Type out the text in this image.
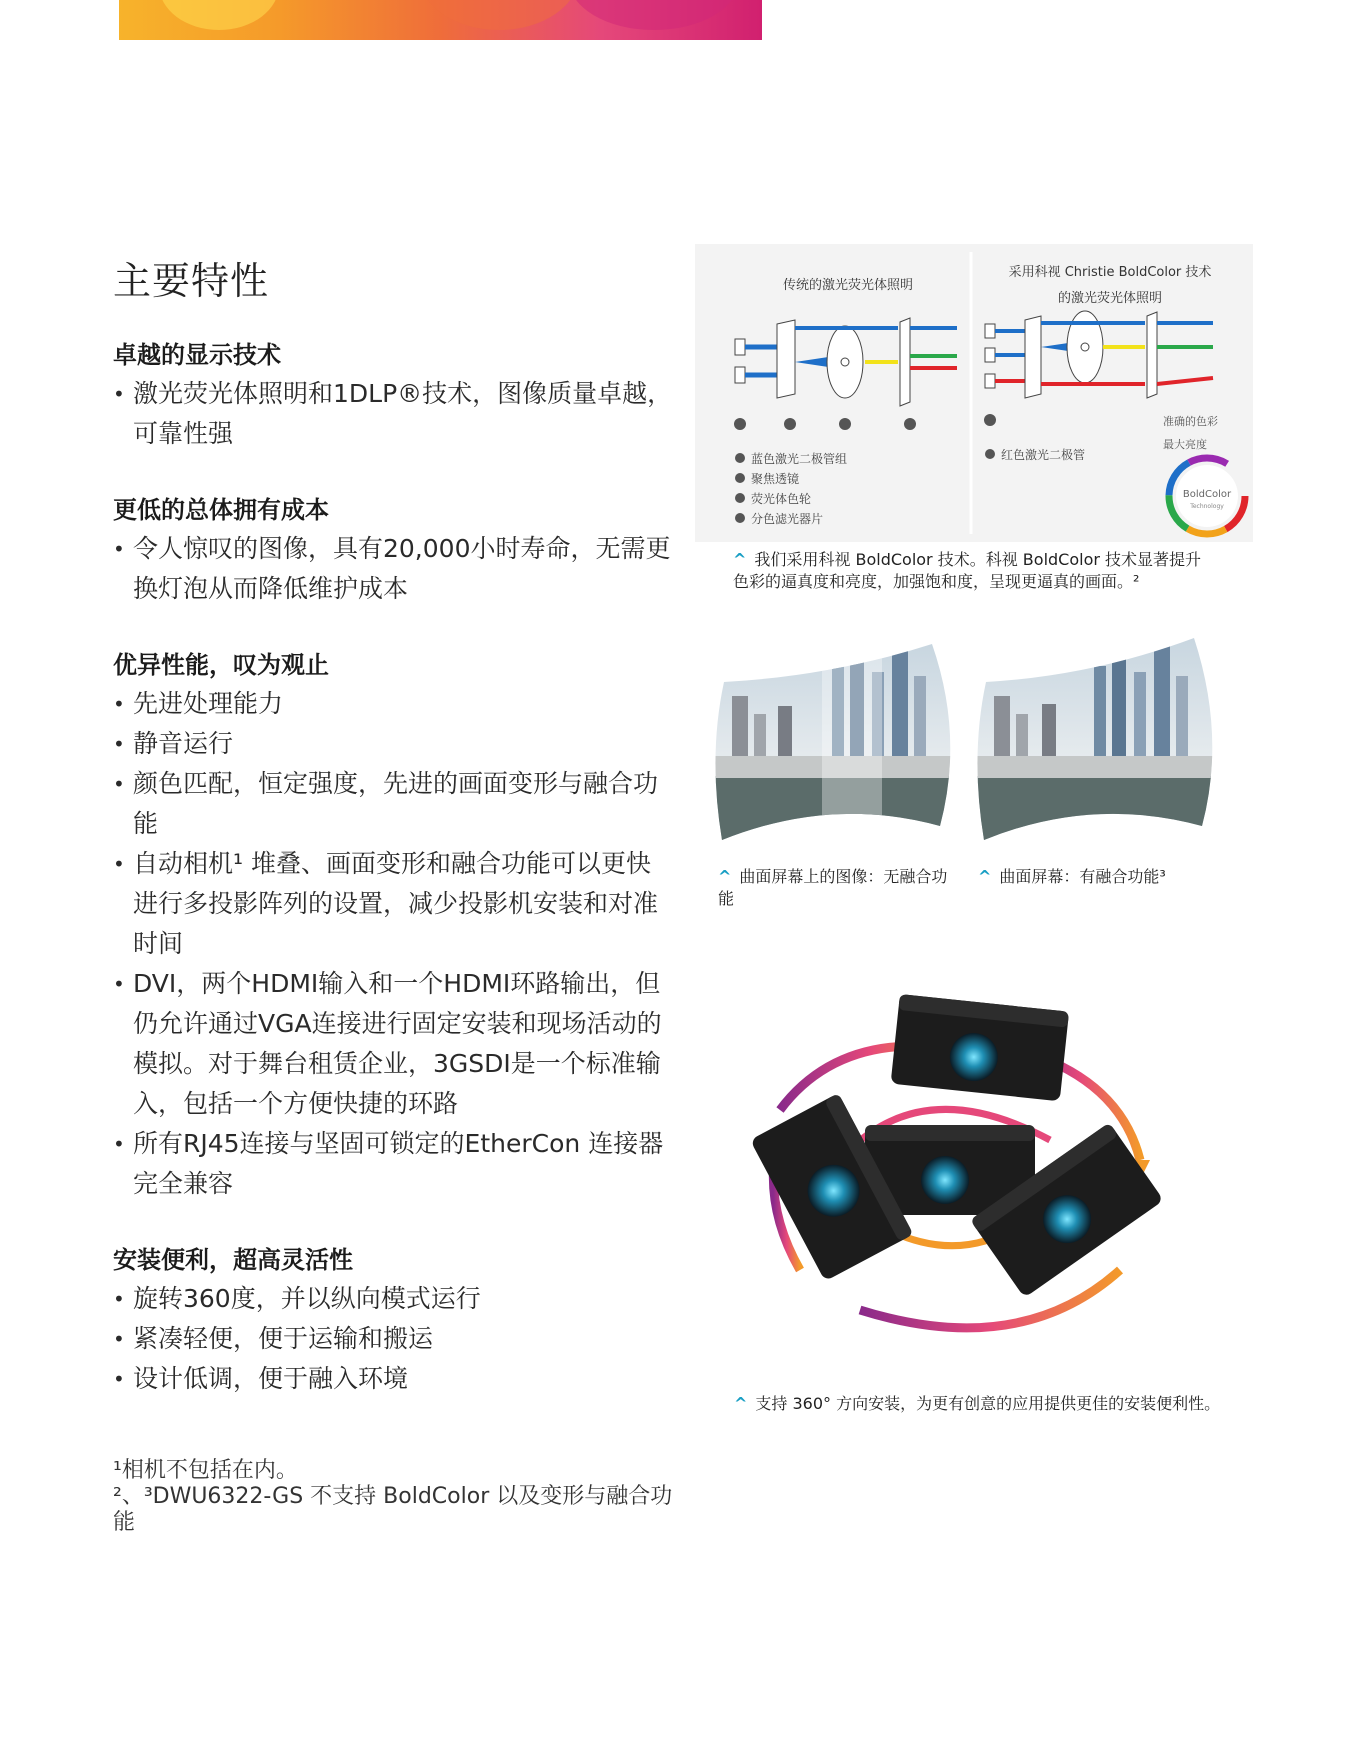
主要特性
卓越的显示技术
• 激光荧光体照明和1DLP®技术，图像质量卓越，可靠性强
更低的总体拥有成本
• 令人惊叹的图像，具有20,000小时寿命，无需更换灯泡从而降低维护成本
优异性能，叹为观止
• 先进处理能力
• 静音运行
• 颜色匹配，恒定强度，先进的画面变形与融合功能
• 自动相机¹ 堆叠、画面变形和融合功能可以更快进行多投影阵列的设置，减少投影机安装和对准时间
• DVI，两个HDMI输入和一个HDMI环路输出，但仍允许通过VGA连接进行固定安装和现场活动的模拟。对于舞台租赁企业，3GSDI是一个标准输入，包括一个方便快捷的环路
• 所有RJ45连接与坚固可锁定的EtherCon 连接器完全兼容
安装便利，超高灵活性
• 旋转360度，并以纵向模式运行
• 紧凑轻便，便于运输和搬运
• 设计低调，便于融入环境
¹相机不包括在内。
²、³DWU6322-GS 不支持 BoldColor 以及变形与融合功能
传统的激光荧光体照明
采用科视 Christie BoldColor 技术
的激光荧光体照明
蓝色激光二极管组
聚焦透镜
荧光体色轮
分色滤光器片
红色激光二极管
准确的色彩
最大亮度
BoldColor
Technology
^ 我们采用科视 BoldColor 技术。科视 BoldColor 技术显著提升色彩的逼真度和亮度，加强饱和度，呈现更逼真的画面。²
^ 曲面屏幕上的图像：无融合功能
^ 曲面屏幕：有融合功能³
^ 支持 360° 方向安装，为更有创意的应用提供更佳的安装便利性。
